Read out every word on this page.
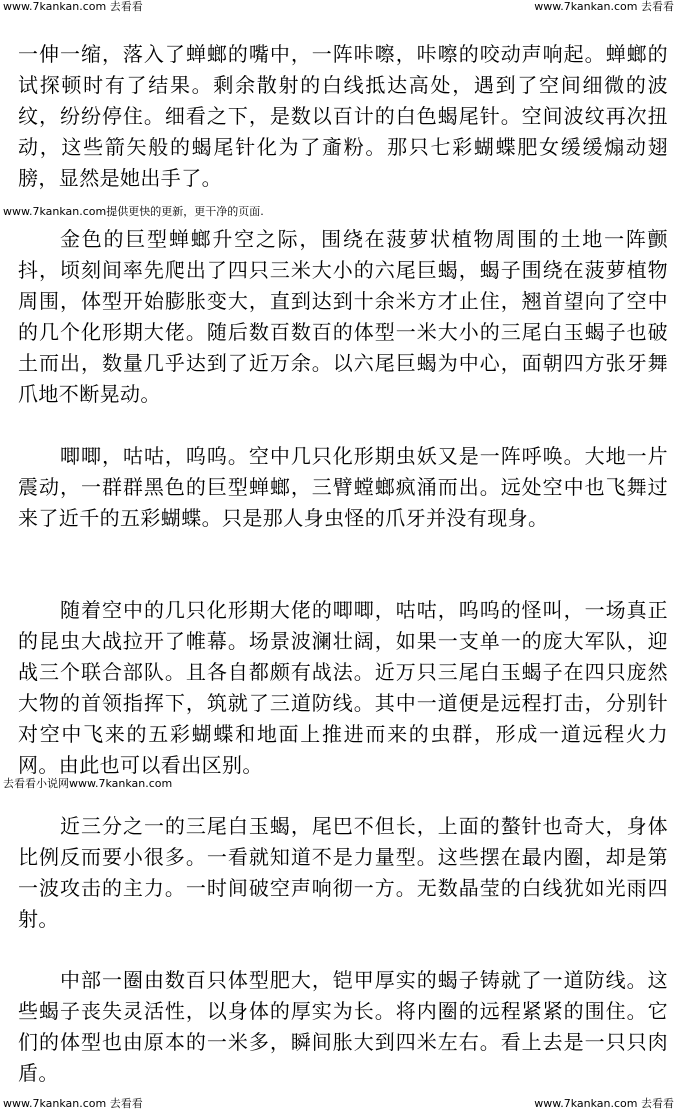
www.7kankan.com 去看看	www.7kankan.com 去看看

一伸一缩，落入了蝉螂的嘴中，一阵咔嚓，咔嚓的咬动声响起。蝉螂的试探顿时有了结果。剩余散射的白线抵达高处，遇到了空间细微的波纹，纷纷停住。细看之下，是数以百计的白色蝎尾针。空间波纹再次扭动，这些箭矢般的蝎尾针化为了齑粉。那只七彩蝴蝶肥女缓缓煽动翅膀，显然是她出手了。

www.7kankan.com提供更快的更新，更干净的页面.

金色的巨型蝉螂升空之际，围绕在菠萝状植物周围的土地一阵颤抖，顷刻间率先爬出了四只三米大小的六尾巨蝎，蝎子围绕在菠萝植物周围，体型开始膨胀变大，直到达到十余米方才止住，翘首望向了空中的几个化形期大佬。随后数百数百的体型一米大小的三尾白玉蝎子也破土而出，数量几乎达到了近万余。以六尾巨蝎为中心，面朝四方张牙舞爪地不断晃动。

唧唧，咕咕，呜呜。空中几只化形期虫妖又是一阵呼唤。大地一片震动，一群群黑色的巨型蝉螂，三臂螳螂疯涌而出。远处空中也飞舞过来了近千的五彩蝴蝶。只是那人身虫怪的爪牙并没有现身。

随着空中的几只化形期大佬的唧唧，咕咕，呜呜的怪叫，一场真正的昆虫大战拉开了帷幕。场景波澜壮阔，如果一支单一的庞大军队，迎战三个联合部队。且各自都颇有战法。近万只三尾白玉蝎子在四只庞然大物的首领指挥下，筑就了三道防线。其中一道便是远程打击，分别针对空中飞来的五彩蝴蝶和地面上推进而来的虫群，形成一道远程火力网。由此也可以看出区别。

去看看小说网www.7kankan.com

近三分之一的三尾白玉蝎，尾巴不但长，上面的螯针也奇大，身体比例反而要小很多。一看就知道不是力量型。这些摆在最内圈，却是第一波攻击的主力。一时间破空声响彻一方。无数晶莹的白线犹如光雨四射。

中部一圈由数百只体型肥大，铠甲厚实的蝎子铸就了一道防线。这些蝎子丧失灵活性，以身体的厚实为长。将内圈的远程紧紧的围住。它们的体型也由原本的一米多，瞬间胀大到四米左右。看上去是一只只肉盾。

www.7kankan.com 去看看	www.7kankan.com 去看看
